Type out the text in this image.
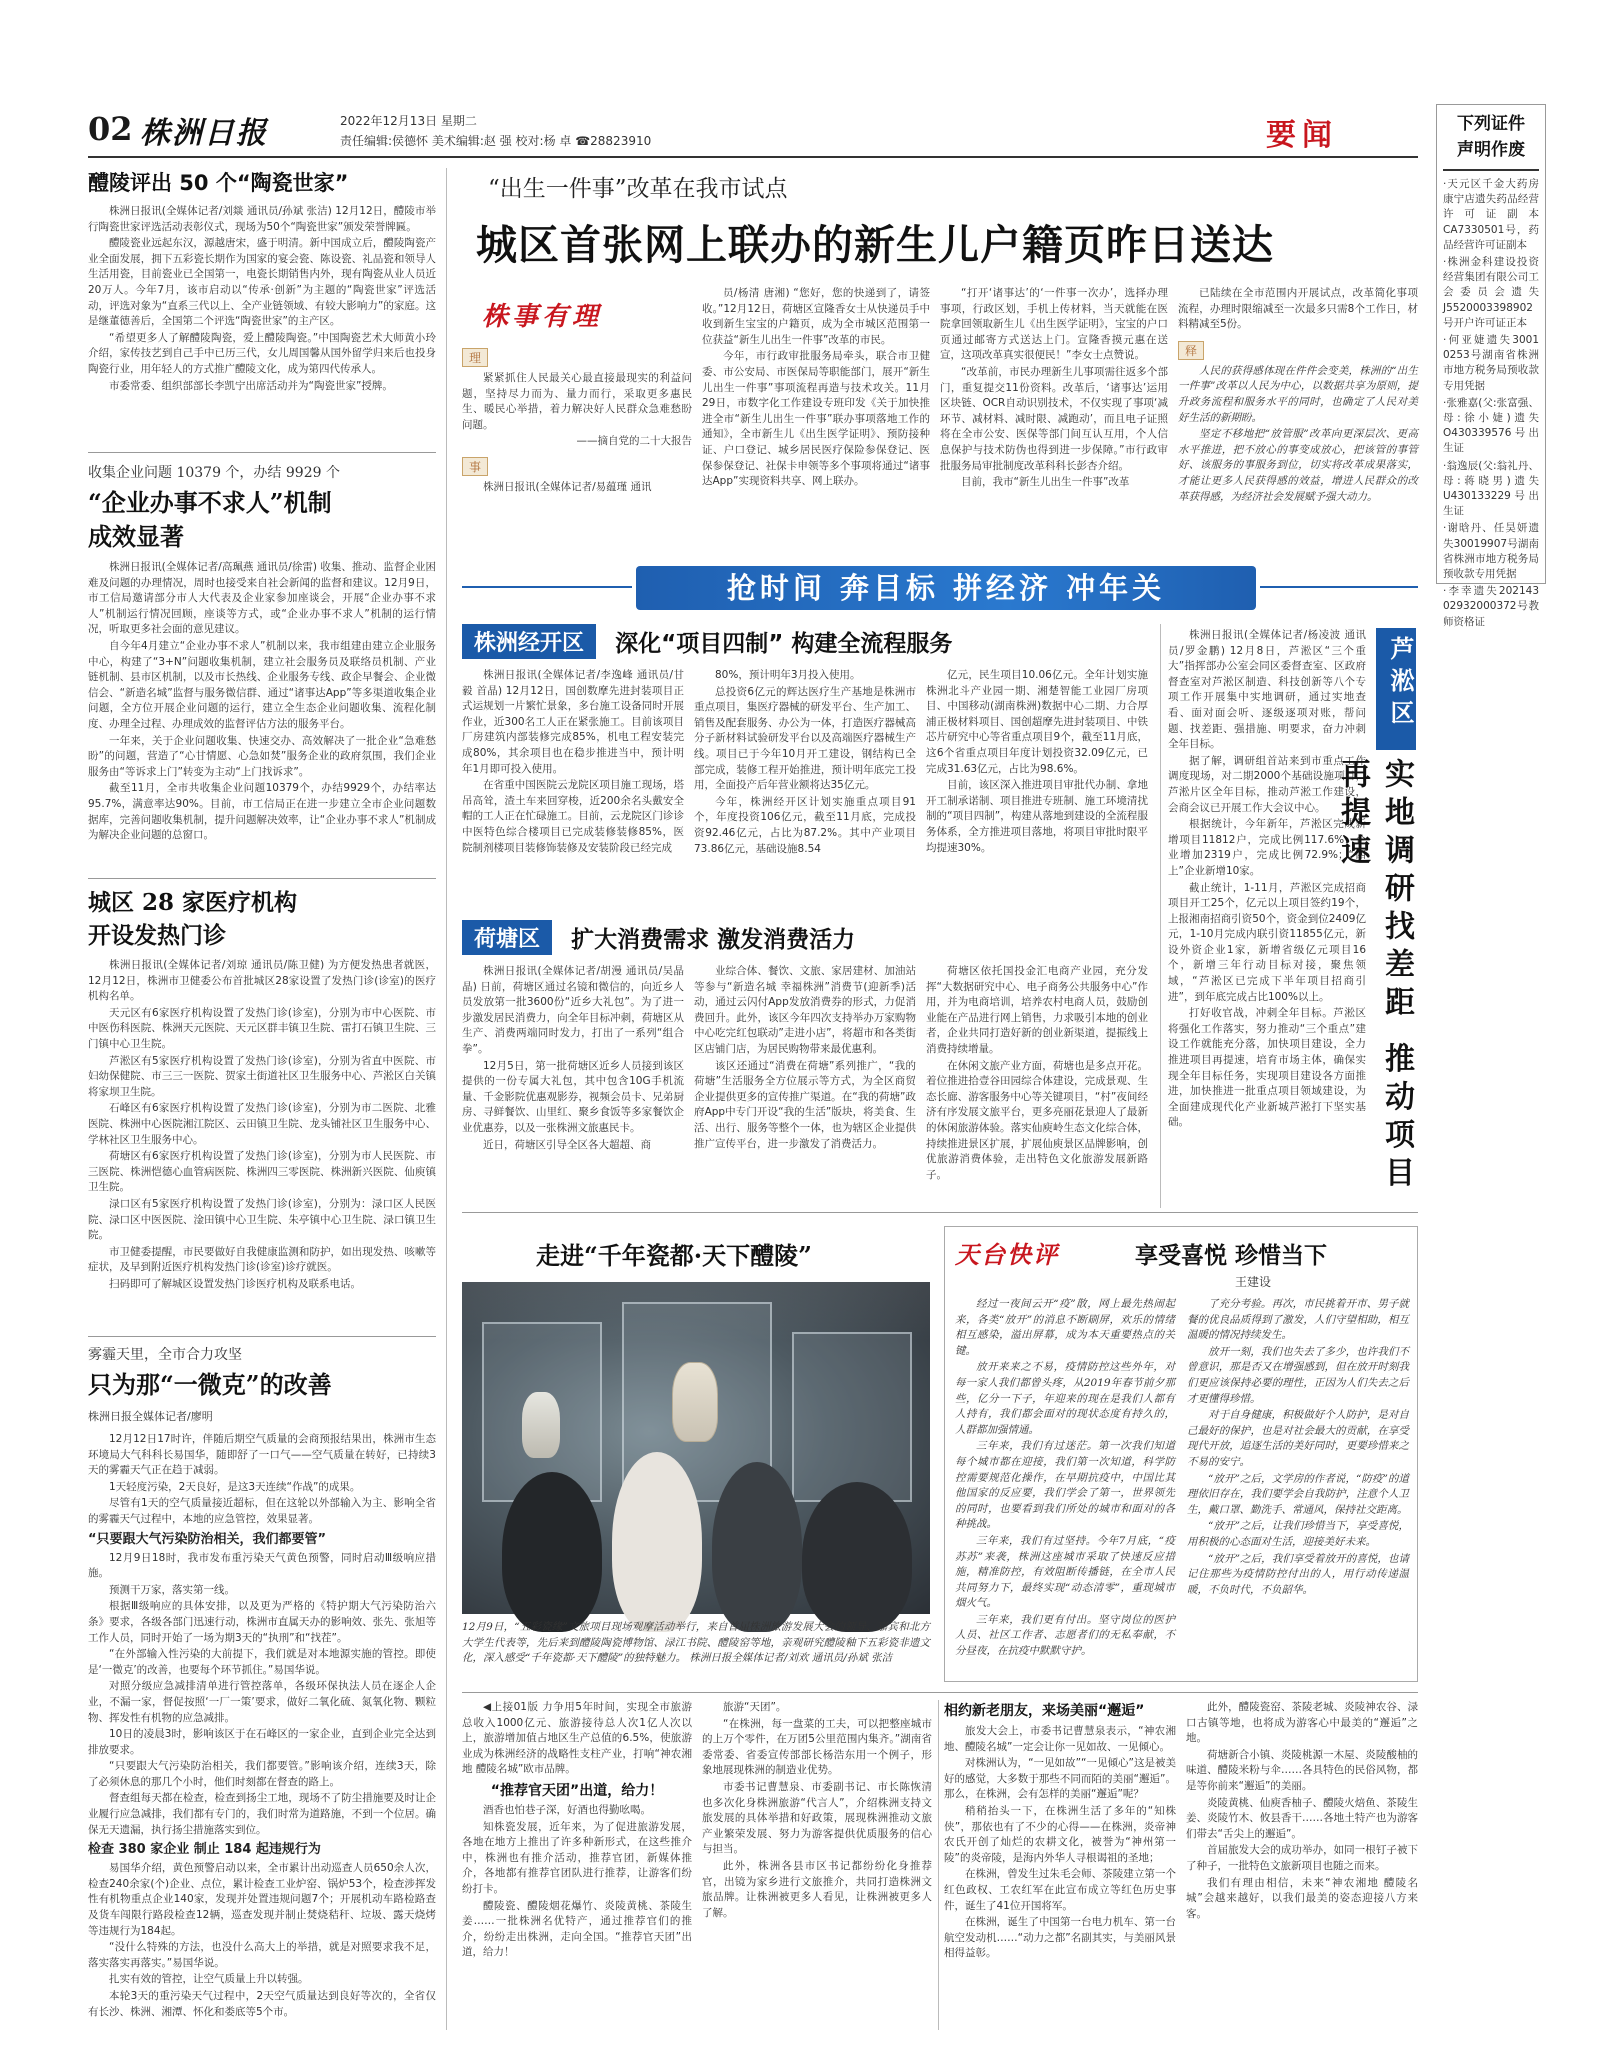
02 株洲日报	2022年12月13日 星期二
责任编辑:侯德怀 美术编辑:赵 强 校对:杨 卓 ☎28823910	要闻	下列证件
声明作废
·天元区千金大药房康宁店遗失药品经营许可证副本CA7330501号，药品经营许可证副本
·株洲金科建设投资经营集团有限公司工会委员会遗失J5520003398902号开户许可证正本
·何亚婕遗失3001 0253号湖南省株洲市地方税务局预收款专用凭据
·张雅嘉(父:张富强、母:徐小婕)遗失O430339576号出生证
·翁逸辰(父:翁礼丹、母:蒋晓男)遗失U430133229号出生证
·谢晗丹、任昊妍遗失30019907号湖南省株洲市地方税务局预收款专用凭据
·李幸遗失202143 02932000372号教师资格证
醴陵评出 50 个“陶瓷世家”

株洲日报讯(全媒体记者/刘燚 通讯员/孙斌 张洁) 12月12日，醴陵市举行陶瓷世家评选活动表彰仪式，现场为50个“陶瓷世家”颁发荣誉牌匾。

醴陵瓷业远起东汉，源越唐宋，盛于明清。新中国成立后，醴陵陶瓷产业全面发展，拥下五彩瓷长期作为国家的宴会瓷、陈设瓷、礼品瓷和领导人生活用瓷，目前瓷业已全国第一，电瓷长期销售内外，现有陶瓷从业人员近20万人。今年7月，该市启动以“传承·创新”为主题的“陶瓷世家”评选活动，评选对象为“直系三代以上、全产业链领域、有较大影响力”的家庭。这是继董德善后，全国第二个评选“陶瓷世家”的主产区。

“希望更多人了解醴陵陶瓷，爱上醴陵陶瓷。”中国陶瓷艺术大师黄小玲介绍，家传技艺到自己手中已历三代，女儿周国馨从国外留学归来后也投身陶瓷行业，用年轻人的方式推广醴陵文化，成为第四代传承人。

市委常委、组织部部长李凯宁出席活动并为“陶瓷世家”授牌。

收集企业问题 10379 个，办结 9929 个
“企业办事不求人”机制
成效显著

株洲日报讯(全媒体记者/高珮燕 通讯员/徐雷) 收集、推动、监督企业困难及问题的办理情况，周时也接受来自社会新闻的监督和建议。12月9日，市工信局邀请部分市人大代表及企业家参加座谈会，开展“企业办事不求人”机制运行情况回顾，座谈等方式，或“企业办事不求人”机制的运行情况，听取更多社会面的意见建议。

自今年4月建立“企业办事不求人”机制以来，我市组建由建立企业服务中心，构建了“3+N”问题收集机制，建立社会服务员及联络员机制、产业链机制、县市区机制，以及市长热线、企业服务专线、政企早餐会、企业微信会、“新造名城”监督与服务微信群、通过“诸事达App”等多渠道收集企业问题，全方位开展企业问题的运行，建立全生态企业问题收集、流程化制度、办理全过程、办理成效的监督评估方法的服务平台。

一年来，关于企业问题收集、快速交办、高效解决了一批企业“急难愁盼”的问题，营造了“心甘情愿、心急如焚”服务企业的政府氛围，我们企业服务由“等诉求上门”转变为主动“上门找诉求”。

截至11月，全市共收集企业问题10379个，办结9929个，办结率达95.7%，满意率达90%。目前，市工信局正在进一步建立全市企业问题数据库，完善问题收集机制，提升问题解决效率，让“企业办事不求人”机制成为解决企业问题的总窗口。

城区 28 家医疗机构
开设发热门诊

株洲日报讯(全媒体记者/刘琼 通讯员/陈卫健) 为方便发热患者就医，12月12日，株洲市卫健委公布首批城区28家设置了发热门诊(诊室)的医疗机构名单。

天元区有6家医疗机构设置了发热门诊(诊室)，分别为市中心医院、市中医伤科医院、株洲天元医院、天元区群丰镇卫生院、雷打石镇卫生院、三门镇中心卫生院。

芦淞区有5家医疗机构设置了发热门诊(诊室)，分别为省直中医院、市妇幼保健院、市三三一医院、贺家土街道社区卫生服务中心、芦淞区白关镇将家坝卫生院。

石峰区有6家医疗机构设置了发热门诊(诊室)，分别为市二医院、北雅医院、株洲中心医院湘江院区、云田镇卫生院、龙头铺社区卫生服务中心、学林社区卫生服务中心。

荷塘区有6家医疗机构设置了发热门诊(诊室)，分别为市人民医院、市三医院、株洲恺德心血管病医院、株洲四三零医院、株洲新兴医院、仙庾镇卫生院。

渌口区有5家医疗机构设置了发热门诊(诊室)，分别为：渌口区人民医院、渌口区中医医院、淦田镇中心卫生院、朱亭镇中心卫生院、渌口镇卫生院。

市卫健委提醒，市民要做好自我健康监测和防护，如出现发热、咳嗽等症状，及早到附近医疗机构发热门诊(诊室)诊疗就医。

扫码即可了解城区设置发热门诊医疗机构及联系电话。

雾霾天里，全市合力攻坚
只为那“一微克”的改善
株洲日报全媒体记者/廖明

12月12日17时许，伴随后期空气质量的会商预报结果出，株洲市生态环境局大气科科长易国华，随即舒了一口气——空气质量在转好，已持续3天的雾霾天气正在趋于减弱。

1天轻度污染，2天良好，是这3天连续“作战”的成果。

尽管有1天的空气质量接近超标，但在这轮以外部输入为主、影响全省的雾霾天气过程中，本地的应急管控，效果显著。

“只要跟大气污染防治相关，我们都要管”

12月9日18时，我市发布重污染天气黄色预警，同时启动Ⅲ级响应措施。

预测干万家，落实第一线。

根据Ⅲ级响应的具体安排，以及更为严格的《特护期大气污染防治六条》要求，各级各部门迅速行动，株洲市直属天办的影响效、张先、张旭等工作人员，同时开始了一场为期3天的“执刑”和“找茬”。

“在外部输入性污染的大前提下，我们就是对本地源实施的管控。即使是‘一微克’的改善，也要每个环节抓住。”易国华说。

对照分级应急减排清单进行管控落单，各级环保执法人员在逐企人企业，不漏一家，督促按照‘一厂一策’要求，做好二氧化硫、氮氧化物、颗粒物、挥发性有机物的应急减排。

10日的凌晨3时，影响该区于在石峰区的一家企业，直到企业完全达到排放要求。

“只要跟大气污染防治相关，我们都要管。”影响该介绍，连续3天，除了必须休息的那几个小时，他们时刻都在督查的路上。

督查组每天都在检查，检查到扬尘工地，现场不了防尘措施要及时让企业履行应急减排，我们都有专门的，我们时常为道路施，不到一个位居。确保无天遗漏，执行扬尘措施落实到位。

检查 380 家企业 制止 184 起违规行为

易国华介绍，黄色预警启动以来，全市累计出动巡查人员650余人次，检查240余家(个)企业、点位，累计检查工业炉窑、锅炉53个，检查涉挥发性有机物重点企业140家，发现并处置违规问题7个；开展机动车路检路查及货车闯限行路段检查12辆，巡查发现并制止焚烧秸秆、垃圾、露天烧烤等违规行为184起。

“没什么特殊的方法，也没什么高大上的举措，就是对照要求我不足，落实落实再落实。”易国华说。

扎实有效的管控，让空气质量上升以转强。

本轮3天的重污染天气过程中，2天空气质量达到良好等次的，全省仅有长沙、株洲、湘潭、怀化和娄底等5个市。

“出生一件事”改革在我市试点
城区首张网上联办的新生儿户籍页昨日送达
株事有理
理
紧紧抓住人民最关心最直接最现实的利益问题，坚持尽力而为、量力而行，采取更多惠民生、暖民心举措，着力解决好人民群众急难愁盼问题。
——摘自党的二十大报告
事
株洲日报讯(全媒体记者/易蕴瑾 通讯

员/杨清 唐湘) “您好，您的快递到了，请签收。”12月12日，荷塘区宣隆香女士从快递员手中收到新生宝宝的户籍页，成为全市城区范围第一位获益“新生儿出生一件事”改革的市民。

今年，市行政审批服务局牵头，联合市卫健委、市公安局、市医保局等职能部门，展开“新生儿出生一件事”事项流程再造与技术攻关。11月29日，市数字化工作建设专班印发《关于加快推进全市“新生儿出生一件事”联办事项落地工作的通知》，全市新生儿《出生医学证明》、预防接种证、户口登记、城乡居民医疗保险参保登记、医保参保登记、社保卡申领等多个事项将通过“诸事达App”实现资料共享、网上联办。

“打开‘诸事达’的‘一件事一次办’，选择办理事项，行政区划，手机上传材料，当天就能在医院拿回领取新生儿《出生医学证明》，宝宝的户口页通过邮寄方式送达上门。宣隆香摸元惠在送宣，这项改革真实很便民！”李女士点赞说。

“改革前，市民办理新生儿事项需往返多个部门，重复提交11份资料。改革后，‘诸事达’运用区块链、OCR自动识别技术，不仅实现了事项‘减环节、减材料、减时限、减跑动’，而且电子证照将在全市公安、医保等部门间互认互用，个人信息保护与技术防伪也得到进一步保障。”市行政审批服务局审批制度改革科科长彭杏介绍。

目前，我市“新生儿出生一件事”改革

已陆续在全市范围内开展试点，改革简化事项流程，办理时限缩减至一次最多只需8个工作日，材料精减至5份。
释

人民的获得感体现在件件会变美，株洲的“出生一件事”改革以人民为中心，以数据共享为原则，提升政务流程和服务水平的同时，也确定了人民对美好生活的新期盼。

坚定不移地把“放管服”改革向更深层次、更高水平推进，把不放心的事变成放心，把该管的事管好、该服务的事服务到位，切实将改革成果落实，才能让更多人民获得感的效益，增进人民群众的改革获得感，为经济社会发展赋予强大动力。

抢时间 奔目标 拼经济 冲年关
株洲经开区 深化“项目四制” 构建全流程服务

株洲日报讯(全媒体记者/李逸峰 通讯员/甘毅 首晶) 12月12日，国创数摩先进封装项目正式运规划一片繁忙景象，多台施工设备同时开展作业，近300名工人正在紧张施工。目前该项目厂房建筑内部装修完成85%，机电工程安装完成80%，其余项目也在稳步推进当中，预计明年1月即可投入使用。

在省重中国医院云龙院区项目施工现场，塔吊高耸，渣土车来回穿梭，近200余名头戴安全帽的工人正在忙碌施工。目前，云龙院区门诊诊中医特色综合楼项目已完成装修装修85%，医院制剂楼项目装修饰装修及安装阶段已经完成

80%，预计明年3月投入使用。

总投资6亿元的辉达医疗生产基地是株洲市重点项目，集医疗器械的研发平台、生产加工、销售及配套服务、办公为一体，打造医疗器械高分子新材料试验研发平台以及高端医疗器械生产线。项目已于今年10月开工建设，钢结构已全部完成，装修工程开始推进，预计明年底完工投用，全面投产后年营业额将达35亿元。

今年，株洲经开区计划实施重点项目91个，年度投资106亿元，截至11月底，完成投资92.46亿元，占比为87.2%。其中产业项目73.86亿元，基础设施8.54

亿元，民生项目10.06亿元。全年计划实施株洲北斗产业园一期、湘楚智能工业园厂房项目、中国移动(湖南株洲)数据中心二期、力合厚浦正极材料项目、国创超摩先进封装项目、中铁芯片研究中心等省重点项目9个，截至11月底，这6个省重点项目年度计划投资32.09亿元，已完成31.63亿元，占比为98.6%。

目前，该区深入推进项目审批代办制、拿地开工制承诺制、项目推进专班制、施工环境清扰制的“项目四制”，构建从落地到建设的全流程服务体系，全方推进项目落地，将项目审批时限平均提速30%。

荷塘区 扩大消费需求 激发消费活力

株洲日报讯(全媒体记者/胡漫 通讯员/吴晶晶) 日前，荷塘区通过名镜和微信的，向近乡人员发放第一批3600份“近乡大礼包”。为了进一步激发居民消费力，向全年目标冲刺，荷塘区从生产、消费两端同时发力，打出了一系列“组合拳”。

12月5日，第一批荷塘区近乡人员接到该区提供的一份专属大礼包，其中包含10G手机流量、千金影院优惠观影券，视频会员卡、兄弟厨房、寻鲜餐饮、山里红、聚乡食饭等多家餐饮企业优惠券，以及一张株洲文旅惠民卡。

近日，荷塘区引导全区各大超超、商

业综合体、餐饮、文旅、家居建材、加油站等参与“新造名城 幸福株洲”消费节(迎新季)活动，通过云闪付App发放消费券的形式，力促消费回升。此外，该区今年四次支持举办万家购物中心吃完红包联动”走进小店”，将超市和各类街区店铺门店，为居民购物带来最优惠利。

该区还通过“消费在荷塘”系列推广，“我的荷塘”生活服务全方位展示等方式，为全区商贸企业提供更多的宣传推广渠道。在“我的荷塘”政府App中专门开设“我的生活”版块，将美食、生活、出行、服务等整个一体，也为辖区企业提供推广宣传平台，进一步激发了消费活力。

荷塘区依托国投金汇电商产业园，充分发挥“大数据研究中心、电子商务公共服务中心”作用，并为电商培训，培养农村电商人员，鼓励创业能在产品进行网上销售，力求吸引本地的创业者，企业共同打造好新的创业新渠道，提振线上消费持续增量。

在休闲文旅产业方面，荷塘也是多点开花。着位推进拾壹谷田园综合体建设，完成景观、生态长廊、游客服务中心等关键项目，“村”夜间经济有序发展文旅平台，更多亮丽花景迎人了最新的休闲旅游体验。落实仙庾岭生态文化综合体，持续推进景区扩展，扩展仙庾景区品牌影响，创优旅游消费体验，走出特色文化旅游发展新路子。

株洲日报讯(全媒体记者/杨凌波 通讯员/罗金鹏) 12月8日，芦淞区“三个重大”指挥部办公室会同区委督查室、区政府督查室对芦淞区制造、科技创新等八个专项工作开展集中实地调研，通过实地查看、面对面会听、逐级逐项对账，帮问题、找差距、强措施、明要求，奋力冲刺全年目标。

据了解，调研组首站来到市重点工作调度现场，对二期2000个基础设施项目，芦淞片区全年目标，推动芦淞工作建设，会商会议已开展工作大会议中心。

根据统计，今年新年，芦淞区完成新增项目11812户，完成比例117.6%；企业增加2319户，完成比例72.9%；“四上”企业新增10家。

截止统计，1-11月，芦淞区完成招商项目开工25个，亿元以上项目签约19个，上报湘南招商引资50个，资金到位2409亿元，1-10月完成内联引资11855亿元，新设外资企业1家，新增省级亿元项目16个，新增三年行动目标对接，聚焦领域，“芦淞区已完成下半年项目招商引进”，到年底完成占比100%以上。

打好收官战，冲刺全年目标。芦淞区将强化工作落实，努力推动“三个重点”建设工作就能充分落，加快项目建设，全力推进项目再提速，培育市场主体，确保实现全年目标任务，实现项目建设各方面推进，加快推进一批重点项目领域建设，为全面建成现代化产业新城芦淞打下坚实基础。

芦淞区
实地调研找差距 推动项目再提速
走进“千年瓷都·天下醴陵”
12月9日，“五彩瓷缘”文旅项目现场观摩活动举行，来自首届株洲旅游发展大会的领导、嘉宾和北方大学生代表等，先后来到醴陵陶瓷博物馆、渌江书院、醴陵窑等地，亲观研究醴陵釉下五彩瓷非遗文化，深入感受“千年瓷都·天下醴陵”的独特魅力。 株洲日报全媒体记者/刘欢 通讯员/孙斌 张洁
天台快评	享受喜悦 珍惜当下
王建设

经过一夜间云开“疫”散，网上最先热闹起来，各类“放开”的消息不断刷屏，欢乐的情绪相互感染，溢出屏幕，成为本天重要热点的关键。

放开来来之不易，疫情防控这些外年，对每一家人我们都曾头疼，从2019年春节前夕那些，亿分一下子，年迎来的现在是我们人都有人持有，我们都会面对的现状态度有持久的，人群都加强情通。

三年来，我们有过迷茫。第一次我们知道每个城市都在迎接，我们第一次知道，科学防控需要规范化操作，在早期抗疫中，中国比其他国家的反应要，我们学会了第一，世界领先的同时，也要看到我们所处的城市和面对的各种挑战。

三年来，我们有过坚持。今年7月底，“疫苏苏”来袭，株洲这座城市采取了快速反应措施，精准防控，有效阻断传播链，在全市人民共同努力下，最终实现“动态清零”，重现城市烟火气。

三年来，我们更有付出。坚守岗位的医护人员、社区工作者、志愿者们的无私奉献，不分昼夜，在抗疫中默默守护。

了充分考验。再次，市民挑着开市、男子就餐的优良品质得到了激发，人们守望相助，相互温暖的情况持续发生。

放开一刻，我们也失去了多少，也许我们不曾意识，那是否又在增强感到，但在放开时刻我们更应该保持必要的理性，正因为人们失去之后才更懂得珍惜。

对于自身健康，积极做好个人防护，是对自己最好的保护，也是对社会最大的贡献，在享受现代开放，追逐生活的美好同时，更要珍惜来之不易的安宁。

“放开”之后，文学房的作者说，“防疫”的道理依旧存在，我们要学会自我防护，注意个人卫生，戴口罩、勤洗手、常通风，保持社交距离。

“放开”之后，让我们珍惜当下，享受喜悦，用积极的心态面对生活，迎接美好未来。

“放开”之后，我们享受着放开的喜悦，也请记住那些为疫情防控付出的人，用行动传递温暖，不负时代，不负韶华。

◀上接01版 力争用5年时间，实现全市旅游总收入1000亿元、旅游接待总人次1亿人次以上，旅游增加值占地区生产总值的6.5%，使旅游业成为株洲经济的战略性支柱产业，打响“神农湘地 醴陵名城”欧市品牌。

“推荐官天团”出道，给力！

酒香也怕巷子深，好酒也得勤吆喝。

知株瓷发展，近年来，为了促进旅游发展，各地在地方上推出了许多种新形式，在这些推介中，株洲也有推介活动，推荐官团，新媒体推介，各地都有推荐官团队进行推荐，让游客们纷纷打卡。

醴陵瓷、醴陵烟花爆竹、炎陵黄桃、茶陵生姜……一批株洲名优特产，通过推荐官们的推介，纷纷走出株洲，走向全国。“推荐官天团”出道，给力！

旅游“天团”。

“在株洲，每一盘菜的工夫，可以把整座城市的上万个零件，在万团5公里范围内集齐。”湖南省委常委、省委宣传部部长杨浩东用一个例子，形象地展现株洲的制造业优势。

市委书记曹慧泉、市委副书记、市长陈恢清也多次化身株洲旅游“代言人”，介绍株洲支持文旅发展的具体举措和好政策，展现株洲推动文旅产业繁荣发展、努力为游客提供优质服务的信心与担当。

此外，株洲各县市区书记都纷纷化身推荐官，出镜为家乡进行文旅推介，共同打造株洲文旅品牌。让株洲被更多人看见，让株洲被更多人了解。

相约新老朋友，来场美丽“邂逅”

旅发大会上，市委书记曹慧泉表示，“神农湘地、醴陵名城”一定会让你一见如故、一见倾心。

对株洲认为，“一见如故”“一见倾心”这是被美好的感觉，大多数于那些不同而陌的美丽“邂逅”。那么，在株洲，会有怎样的美丽“邂逅”呢？

稍稍抬头一下，在株洲生活了多年的“知株侠”，那依也有了不少的心得——在株洲，炎帝神农氏开创了灿烂的农耕文化，被誉为“神州第一陵”的炎帝陵，是海内外华人寻根谒祖的圣地；

在株洲，曾发生过朱毛会师、茶陵建立第一个红色政权、工农红军在此宣布成立等红色历史事件，诞生了41位开国将军。

在株洲，诞生了中国第一台电力机车、第一台航空发动机……“动力之都”名副其实，与美丽风景相得益彰。

此外，醴陵瓷窑、茶陵老城、炎陵神农谷、渌口古镇等地，也将成为游客心中最美的“邂逅”之地。

荷塘新合小镇、炎陵桃源一木屋、炎陵酸柚的味道、醴陵米粉与伞……各具特色的民俗风物，都是等你前来“邂逅”的美丽。

炎陵黄桃、仙庾香柚子、醴陵火焙鱼、茶陵生姜、炎陵竹木、攸县香干……各地土特产也为游客们带去“舌尖上的邂逅”。

首届旅发大会的成功举办，如同一根钉子被下了种子，一批特色文旅新项目也随之而来。

我们有理由相信，未来“神农湘地 醴陵名城”会越来越好，以我们最美的姿态迎接八方来客。
